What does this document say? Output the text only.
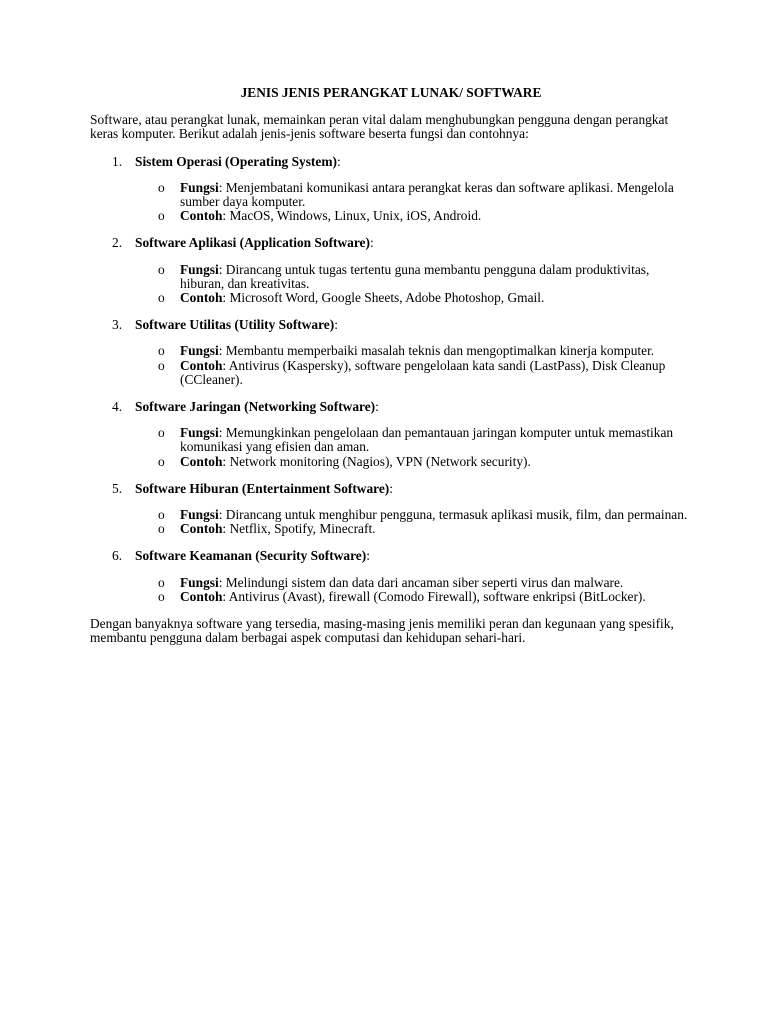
JENIS JENIS PERANGKAT LUNAK/ SOFTWARE

Software, atau perangkat lunak, memainkan peran vital dalam menghubungkan pengguna dengan perangkat keras komputer. Berikut adalah jenis-jenis software beserta fungsi dan contohnya:

1. Sistem Operasi (Operating System):
o Fungsi: Menjembatani komunikasi antara perangkat keras dan software aplikasi. Mengelola sumber daya komputer.
o Contoh: MacOS, Windows, Linux, Unix, iOS, Android.
2. Software Aplikasi (Application Software):
o Fungsi: Dirancang untuk tugas tertentu guna membantu pengguna dalam produktivitas, hiburan, dan kreativitas.
o Contoh: Microsoft Word, Google Sheets, Adobe Photoshop, Gmail.
3. Software Utilitas (Utility Software):
o Fungsi: Membantu memperbaiki masalah teknis dan mengoptimalkan kinerja komputer.
o Contoh: Antivirus (Kaspersky), software pengelolaan kata sandi (LastPass), Disk Cleanup (CCleaner).
4. Software Jaringan (Networking Software):
o Fungsi: Memungkinkan pengelolaan dan pemantauan jaringan komputer untuk memastikan komunikasi yang efisien dan aman.
o Contoh: Network monitoring (Nagios), VPN (Network security).
5. Software Hiburan (Entertainment Software):
o Fungsi: Dirancang untuk menghibur pengguna, termasuk aplikasi musik, film, dan permainan.
o Contoh: Netflix, Spotify, Minecraft.
6. Software Keamanan (Security Software):
o Fungsi: Melindungi sistem dan data dari ancaman siber seperti virus dan malware.
o Contoh: Antivirus (Avast), firewall (Comodo Firewall), software enkripsi (BitLocker).

Dengan banyaknya software yang tersedia, masing-masing jenis memiliki peran dan kegunaan yang spesifik, membantu pengguna dalam berbagai aspek computasi dan kehidupan sehari-hari.
